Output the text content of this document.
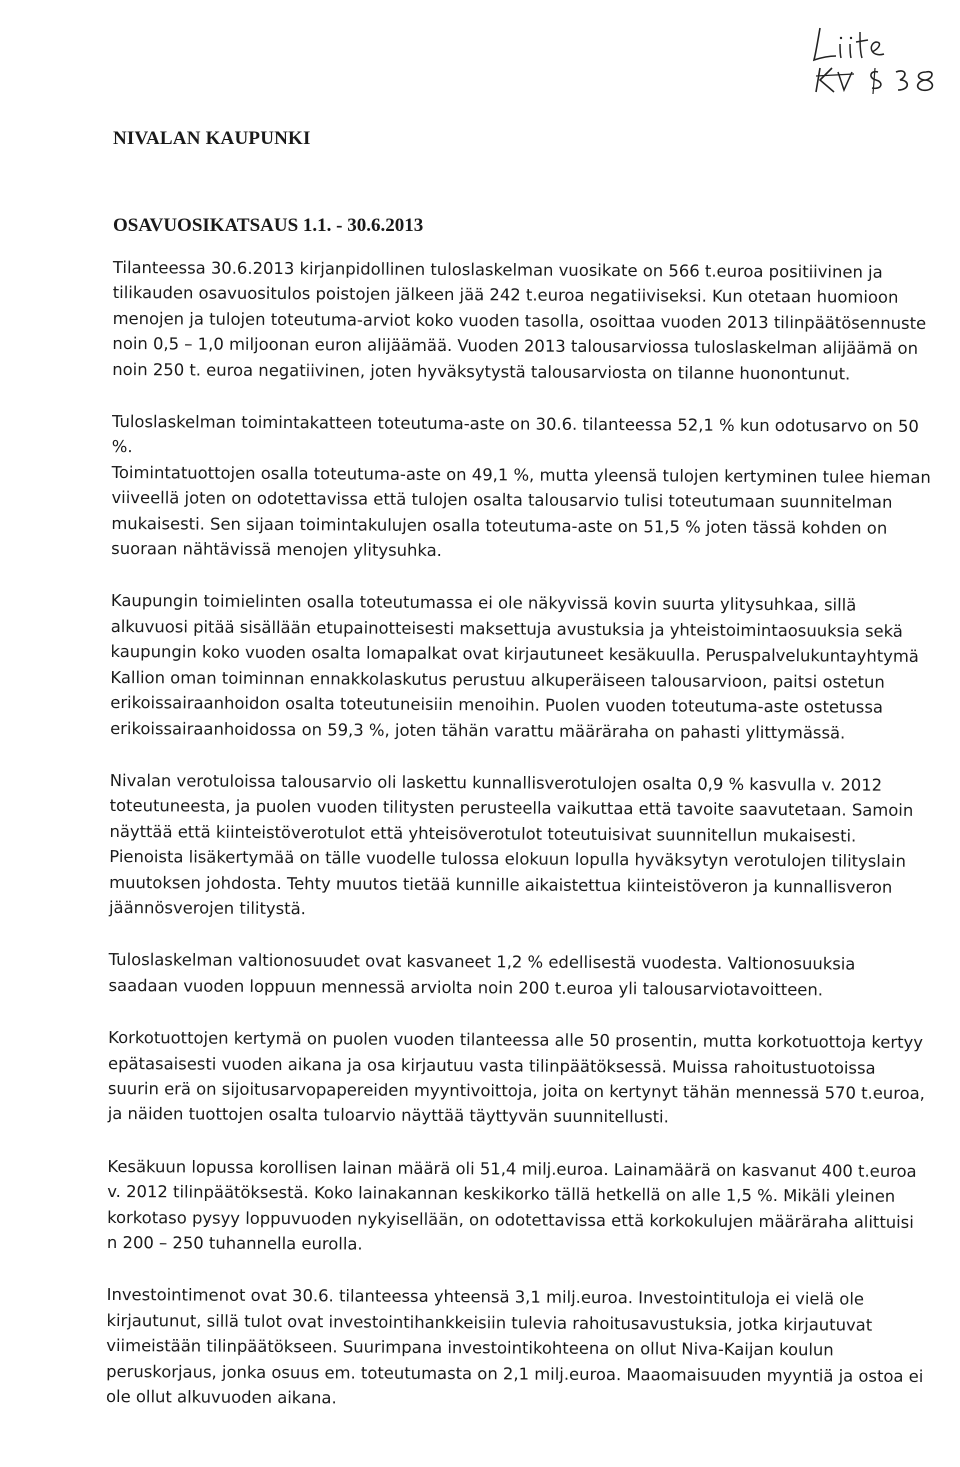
NIVALAN KAUPUNKI
OSAVUOSIKATSAUS 1.1. - 30.6.2013

Tilanteessa 30.6.2013 kirjanpidollinen tuloslaskelman vuosikate on 566 t.euroa positiivinen ja tilikauden osavuositulos poistojen jälkeen jää 242 t.euroa negatiiviseksi. Kun otetaan huomioon menojen ja tulojen toteutuma-arviot koko vuoden tasolla, osoittaa vuoden 2013 tilinpäätösennuste noin 0,5 – 1,0 miljoonan euron alijäämää. Vuoden 2013 talousarviossa tuloslaskelman alijäämä on noin 250 t. euroa negatiivinen, joten hyväksytystä talousarviosta on tilanne huonontunut.

Tuloslaskelman toimintakatteen toteutuma-aste on 30.6. tilanteessa 52,1 % kun odotusarvo on 50 %.

Toimintatuottojen osalla toteutuma-aste on 49,1 %, mutta yleensä tulojen kertyminen tulee hieman viiveellä joten on odotettavissa että tulojen osalta talousarvio tulisi toteutumaan suunnitelman mukaisesti. Sen sijaan toimintakulujen osalla toteutuma-aste on 51,5 % joten tässä kohden on suoraan nähtävissä menojen ylitysuhka.

Kaupungin toimielinten osalla toteutumassa ei ole näkyvissä kovin suurta ylitysuhkaa, sillä alkuvuosi pitää sisällään etupainotteisesti maksettuja avustuksia ja yhteistoimintaosuuksia sekä kaupungin koko vuoden osalta lomapalkat ovat kirjautuneet kesäkuulla. Peruspalvelukuntayhtymä Kallion oman toiminnan ennakkolaskutus perustuu alkuperäiseen talousarvioon, paitsi ostetun erikoissairaanhoidon osalta toteutuneisiin menoihin. Puolen vuoden toteutuma-aste ostetussa erikoissairaanhoidossa on 59,3 %, joten tähän varattu määräraha on pahasti ylittymässä.

Nivalan verotuloissa talousarvio oli laskettu kunnallisverotulojen osalta 0,9 % kasvulla v. 2012 toteutuneesta, ja puolen vuoden tilitysten perusteella vaikuttaa että tavoite saavutetaan. Samoin näyttää että kiinteistöverotulot että yhteisöverotulot toteutuisivat suunnitellun mukaisesti. Pienoista lisäkertymää on tälle vuodelle tulossa elokuun lopulla hyväksytyn verotulojen tilityslain muutoksen johdosta. Tehty muutos tietää kunnille aikaistettua kiinteistöveron ja kunnallisveron jäännösverojen tilitystä.

Tuloslaskelman valtionosuudet ovat kasvaneet 1,2 % edellisestä vuodesta. Valtionosuuksia saadaan vuoden loppuun mennessä arviolta noin 200 t.euroa yli talousarviotavoitteen.

Korkotuottojen kertymä on puolen vuoden tilanteessa alle 50 prosentin, mutta korkotuottoja kertyy epätasaisesti vuoden aikana ja osa kirjautuu vasta tilinpäätöksessä. Muissa rahoitustuotoissa suurin erä on sijoitusarvopapereiden myyntivoittoja, joita on kertynyt tähän mennessä 570 t.euroa, ja näiden tuottojen osalta tuloarvio näyttää täyttyvän suunnitellusti.

Kesäkuun lopussa korollisen lainan määrä oli 51,4 milj.euroa. Lainamäärä on kasvanut 400 t.euroa v. 2012 tilinpäätöksestä. Koko lainakannan keskikorko tällä hetkellä on alle 1,5 %. Mikäli yleinen korkotaso pysyy loppuvuoden nykyisellään, on odotettavissa että korkokulujen määräraha alittuisi n 200 – 250 tuhannella eurolla.

Investointimenot ovat 30.6. tilanteessa yhteensä 3,1 milj.euroa. Investointituloja ei vielä ole kirjautunut, sillä tulot ovat investointihankkeisiin tulevia rahoitusavustuksia, jotka kirjautuvat viimeistään tilinpäätökseen. Suurimpana investointikohteena on ollut Niva-Kaijan koulun peruskorjaus, jonka osuus em. toteutumasta on 2,1 milj.euroa. Maaomaisuuden myyntiä ja ostoa ei ole ollut alkuvuoden aikana.
